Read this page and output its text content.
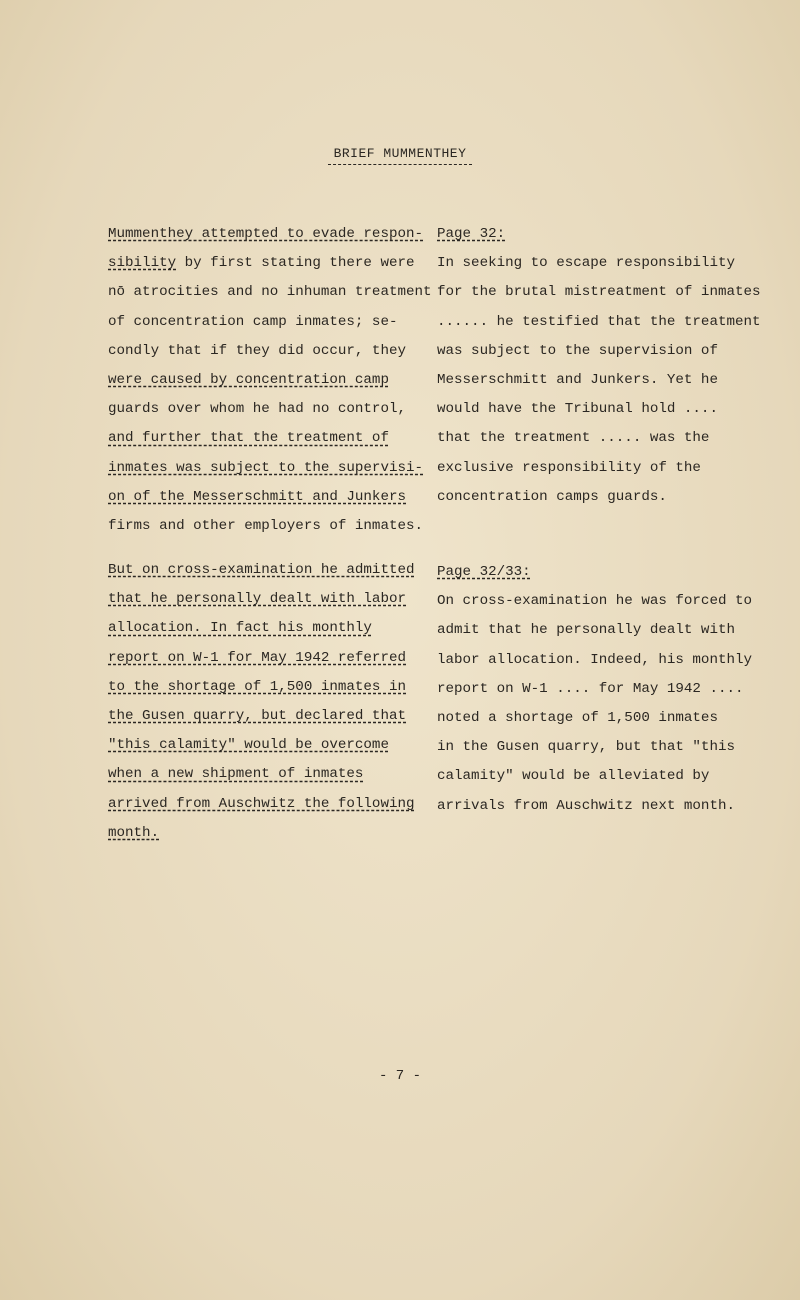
BRIEF MUMMENTHEY
Mummenthey attempted to evade respon-
sibility by first stating there were
nō atrocities and no inhuman treatment
of concentration camp inmates; se-
condly that if they did occur, they
were caused by concentration camp
guards over whom he had no control,
and further that the treatment of
inmates was subject to the supervisi-
on of the Messerschmitt and Junkers
firms and other employers of inmates.
Page 32:
In seeking to escape responsibility
for the brutal mistreatment of inmates
...... he testified that the treatment
was subject to the supervision of
Messerschmitt and Junkers. Yet he
would have the Tribunal hold ....
that the treatment ..... was the
exclusive responsibility of the
concentration camps guards.
But on cross-examination he admitted
that he personally dealt with labor
allocation. In fact his monthly
report on W-1 for May 1942 referred
to the shortage of 1,500 inmates in
the Gusen quarry, but declared that
"this calamity" would be overcome
when a new shipment of inmates
arrived from Auschwitz the following
month.
Page 32/33:
On cross-examination he was forced to
admit that he personally dealt with
labor allocation. Indeed, his monthly
report on W-1 .... for May 1942 ....
noted a shortage of 1,500 inmates
in the Gusen quarry, but that "this
calamity" would be alleviated by
arrivals from Auschwitz next month.
- 7 -
